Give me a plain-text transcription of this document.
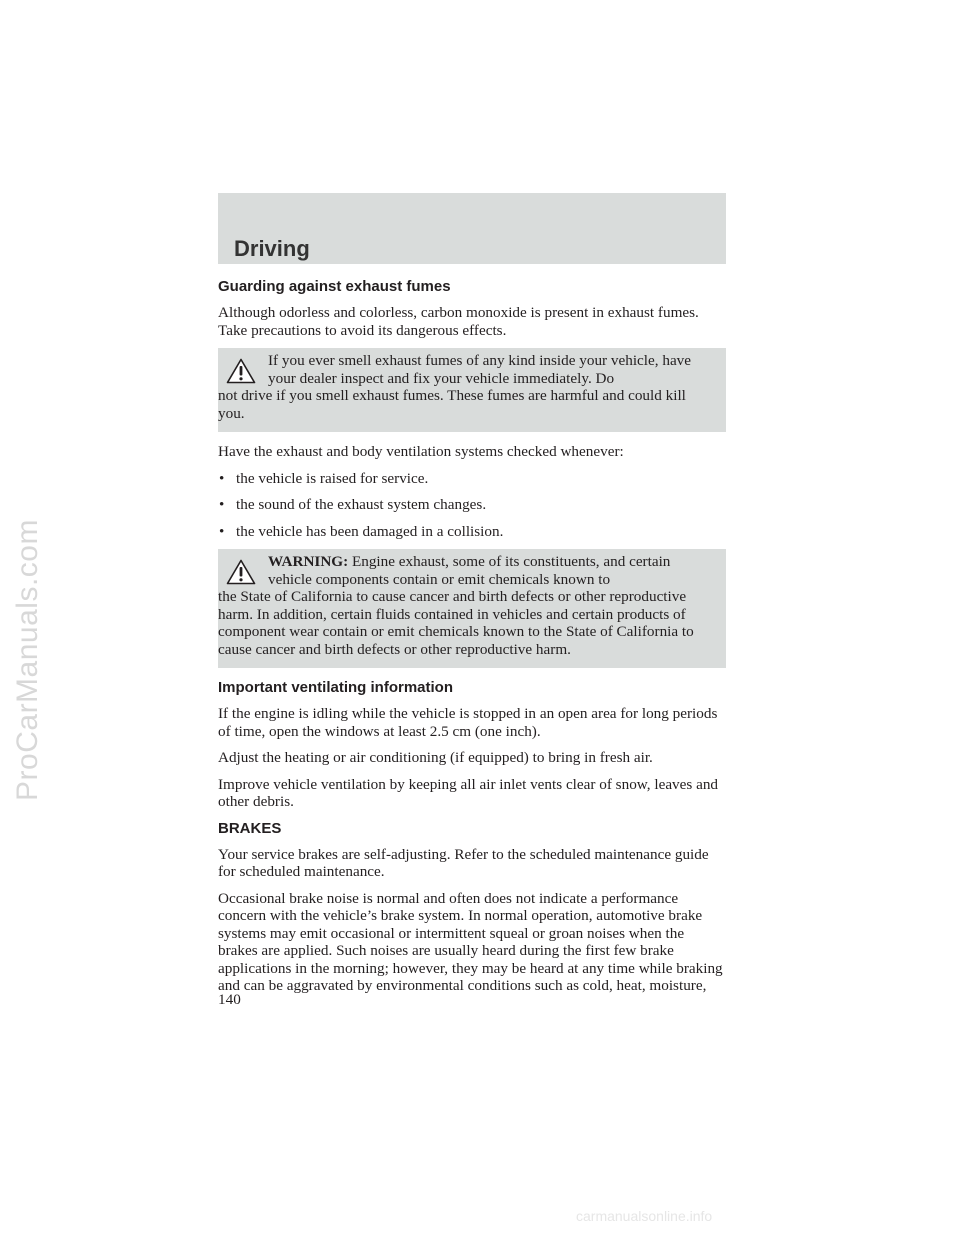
ProCarManuals.com
Driving
Guarding against exhaust fumes

Although odorless and colorless, carbon monoxide is present in exhaust fumes. Take precautions to avoid its dangerous effects.

If you ever smell exhaust fumes of any kind inside your vehicle, have your dealer inspect and fix your vehicle immediately. Do
not drive if you smell exhaust fumes. These fumes are harmful and could kill you.

Have the exhaust and body ventilation systems checked whenever:

• the vehicle is raised for service.
• the sound of the exhaust system changes.
• the vehicle has been damaged in a collision.
WARNING: Engine exhaust, some of its constituents, and certain vehicle components contain or emit chemicals known to
the State of California to cause cancer and birth defects or other reproductive harm. In addition, certain fluids contained in vehicles and certain products of component wear contain or emit chemicals known to the State of California to cause cancer and birth defects or other reproductive harm.
Important ventilating information

If the engine is idling while the vehicle is stopped in an open area for long periods of time, open the windows at least 2.5 cm (one inch).

Adjust the heating or air conditioning (if equipped) to bring in fresh air.

Improve vehicle ventilation by keeping all air inlet vents clear of snow, leaves and other debris.

BRAKES

Your service brakes are self-adjusting. Refer to the scheduled maintenance guide for scheduled maintenance.

Occasional brake noise is normal and often does not indicate a performance concern with the vehicle’s brake system. In normal operation, automotive brake systems may emit occasional or intermittent squeal or groan noises when the brakes are applied. Such noises are usually heard during the first few brake applications in the morning; however, they may be heard at any time while braking and can be aggravated by environmental conditions such as cold, heat, moisture,

140
carmanualsonline.info
